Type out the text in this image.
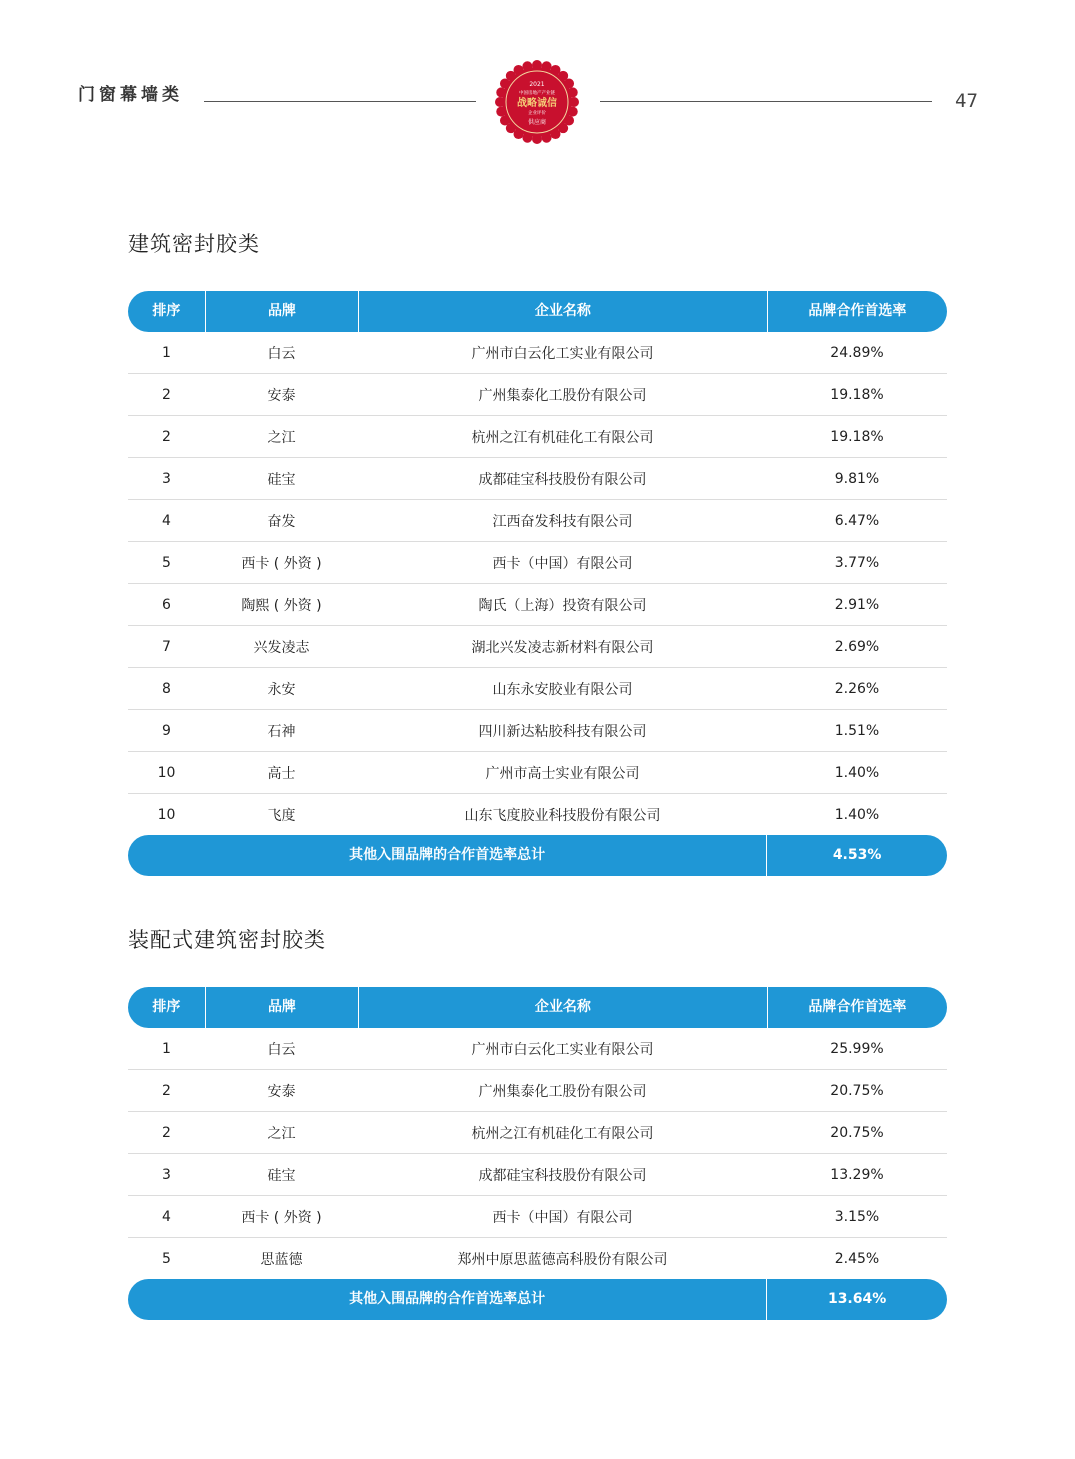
门窗幕墙类	47
2021
中国房地产产业链
战略诚信
企业评价
供应商
建筑密封胶类
排序	品牌	企业名称	品牌合作首选率
1	白云	广州市白云化工实业有限公司	24.89%
2	安泰	广州集泰化工股份有限公司	19.18%
2	之江	杭州之江有机硅化工有限公司	19.18%
3	硅宝	成都硅宝科技股份有限公司	9.81%
4	奋发	江西奋发科技有限公司	6.47%
5	西卡 ( 外资 )	西卡（中国）有限公司	3.77%
6	陶熙 ( 外资 )	陶氏（上海）投资有限公司	2.91%
7	兴发凌志	湖北兴发凌志新材料有限公司	2.69%
8	永安	山东永安胶业有限公司	2.26%
9	石神	四川新达粘胶科技有限公司	1.51%
10	高士	广州市高士实业有限公司	1.40%
10	飞度	山东飞度胶业科技股份有限公司	1.40%
其他入围品牌的合作首选率总计	4.53%
装配式建筑密封胶类
排序	品牌	企业名称	品牌合作首选率
1	白云	广州市白云化工实业有限公司	25.99%
2	安泰	广州集泰化工股份有限公司	20.75%
2	之江	杭州之江有机硅化工有限公司	20.75%
3	硅宝	成都硅宝科技股份有限公司	13.29%
4	西卡 ( 外资 )	西卡（中国）有限公司	3.15%
5	思蓝德	郑州中原思蓝德高科股份有限公司	2.45%
其他入围品牌的合作首选率总计	13.64%
